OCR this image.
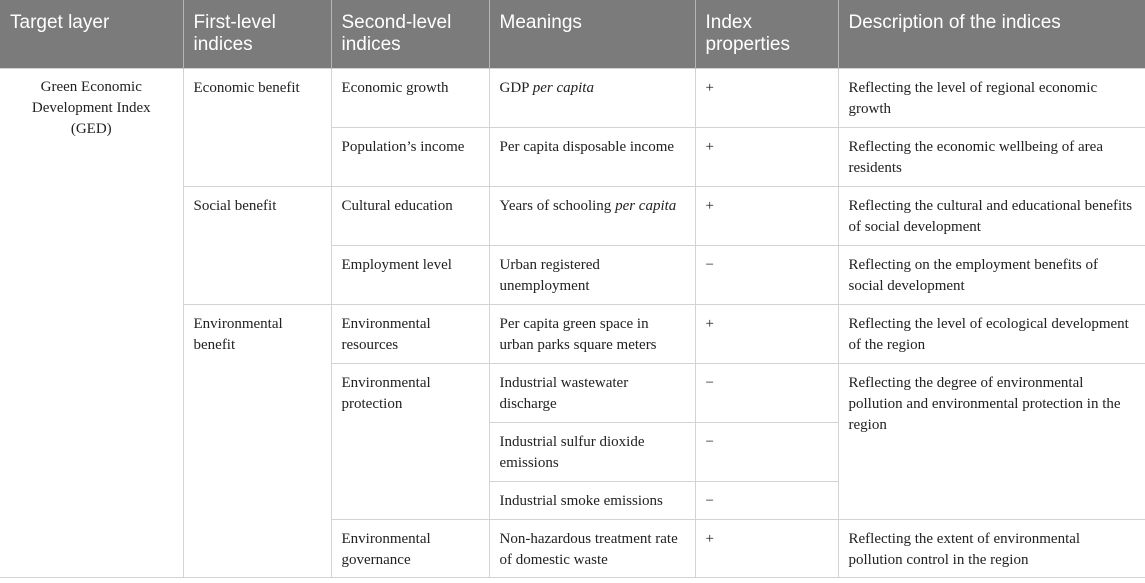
Target layer	First-level indices	Second-level indices	Meanings	Index properties	Description of the indices
Green Economic Development Index (GED)	Economic benefit	Economic growth	GDP per capita	+	Reflecting the level of regional economic growth
		Population’s income	Per capita disposable income	+	Reflecting the economic wellbeing of area residents
	Social benefit	Cultural education	Years of schooling per capita	+	Reflecting the cultural and educational benefits of social development
		Employment level	Urban registered unemployment	−	Reflecting on the employment benefits of social development
	Environmental benefit	Environmental resources	Per capita green space in urban parks square meters	+	Reflecting the level of ecological development of the region
		Environmental protection	Industrial wastewater discharge	−	Reflecting the degree of environmental pollution and environmental protection in the region
			Industrial sulfur dioxide emissions	−	
			Industrial smoke emissions	−	
		Environmental governance	Non-hazardous treatment rate of domestic waste	+	Reflecting the extent of environmental pollution control in the region
